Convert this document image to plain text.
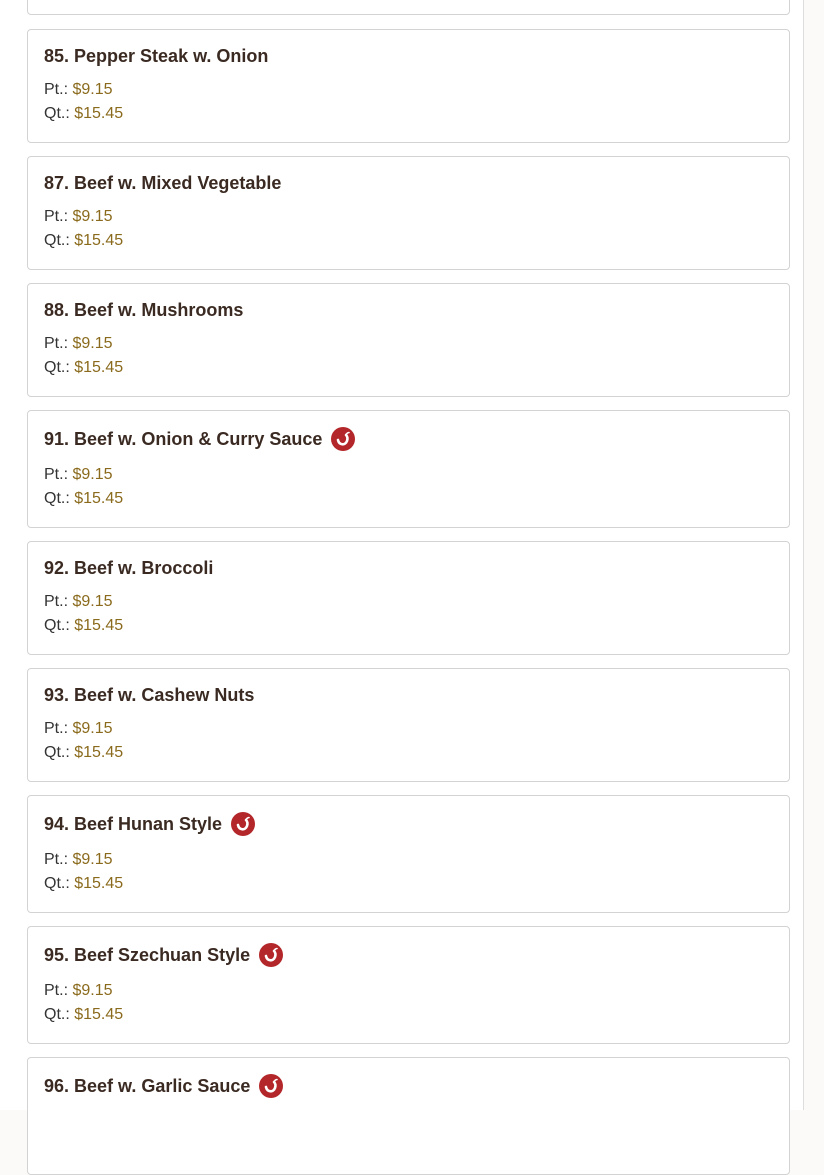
85. Pepper Steak w. Onion
Pt.: $9.15
Qt.: $15.45
87. Beef w. Mixed Vegetable
Pt.: $9.15
Qt.: $15.45
88. Beef w. Mushrooms
Pt.: $9.15
Qt.: $15.45
91. Beef w. Onion & Curry Sauce
Pt.: $9.15
Qt.: $15.45
92. Beef w. Broccoli
Pt.: $9.15
Qt.: $15.45
93. Beef w. Cashew Nuts
Pt.: $9.15
Qt.: $15.45
94. Beef Hunan Style
Pt.: $9.15
Qt.: $15.45
95. Beef Szechuan Style
Pt.: $9.15
Qt.: $15.45
96. Beef w. Garlic Sauce
